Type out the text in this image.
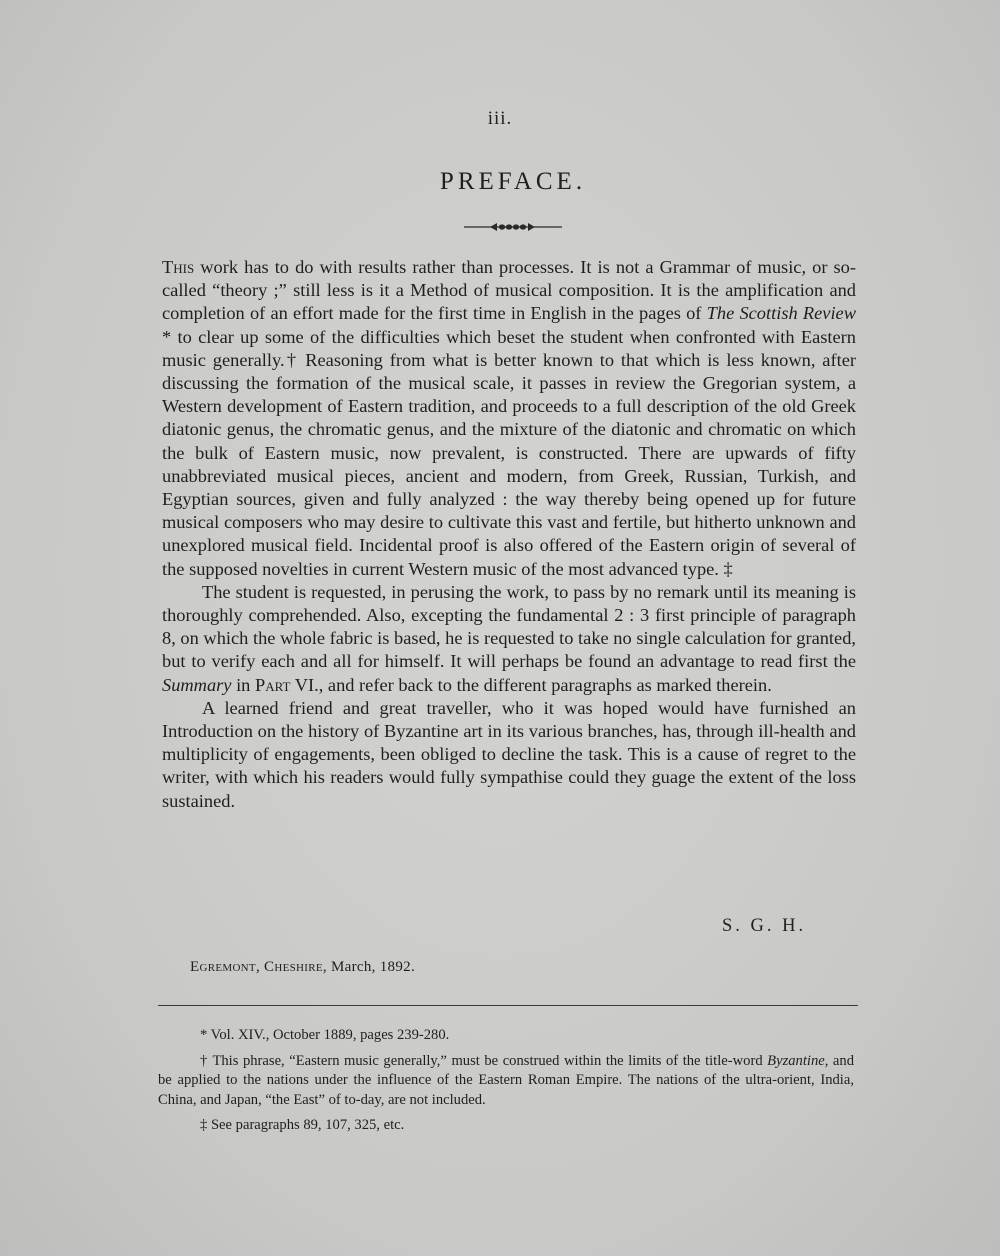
iii.
PREFACE.

This work has to do with results rather than processes. It is not a Grammar of music, or so-called “theory ;” still less is it a Method of musical composition. It is the amplification and completion of an effort made for the first time in English in the pages of The Scottish Review * to clear up some of the difficulties which beset the student when confronted with Eastern music generally.† Reasoning from what is better known to that which is less known, after discussing the formation of the musical scale, it passes in review the Gregorian system, a Western development of Eastern tradition, and proceeds to a full description of the old Greek diatonic genus, the chromatic genus, and the mixture of the diatonic and chromatic on which the bulk of Eastern music, now prevalent, is constructed. There are upwards of fifty unabbreviated musical pieces, ancient and modern, from Greek, Russian, Turkish, and Egyptian sources, given and fully analyzed : the way thereby being opened up for future musical composers who may desire to cultivate this vast and fertile, but hitherto unknown and unexplored musical field. Incidental proof is also offered of the Eastern origin of several of the supposed novelties in current Western music of the most advanced type. ‡

The student is requested, in perusing the work, to pass by no remark until its meaning is thoroughly comprehended. Also, excepting the fundamental 2 : 3 first principle of paragraph 8, on which the whole fabric is based, he is requested to take no single calculation for granted, but to verify each and all for himself. It will perhaps be found an advantage to read first the Summary in Part VI., and refer back to the different paragraphs as marked therein.

A learned friend and great traveller, who it was hoped would have furnished an Introduction on the history of Byzantine art in its various branches, has, through ill-health and multiplicity of engagements, been obliged to decline the task. This is a cause of regret to the writer, with which his readers would fully sympathise could they guage the extent of the loss sustained.

S. G. H.
Egremont, Cheshire, March, 1892.

* Vol. XIV., October 1889, pages 239-280.

† This phrase, “Eastern music generally,” must be construed within the limits of the title-word Byzantine, and be applied to the nations under the influence of the Eastern Roman Empire. The nations of the ultra-orient, India, China, and Japan, “the East” of to-day, are not included.

‡ See paragraphs 89, 107, 325, etc.
